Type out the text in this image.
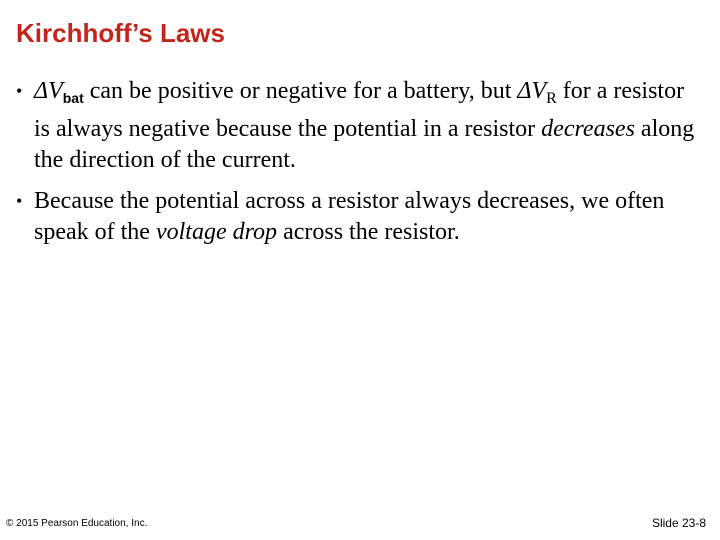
Kirchhoff’s Laws
• $\Delta V_{bat}$ can be positive or negative for a battery, but $\Delta V_R$ for a resistor is always negative because the potential in a resistor decreases along the direction of the current.
• Because the potential across a resistor always decreases, we often speak of the voltage drop across the resistor.
© 2015 Pearson Education, Inc.	Slide 23-8
